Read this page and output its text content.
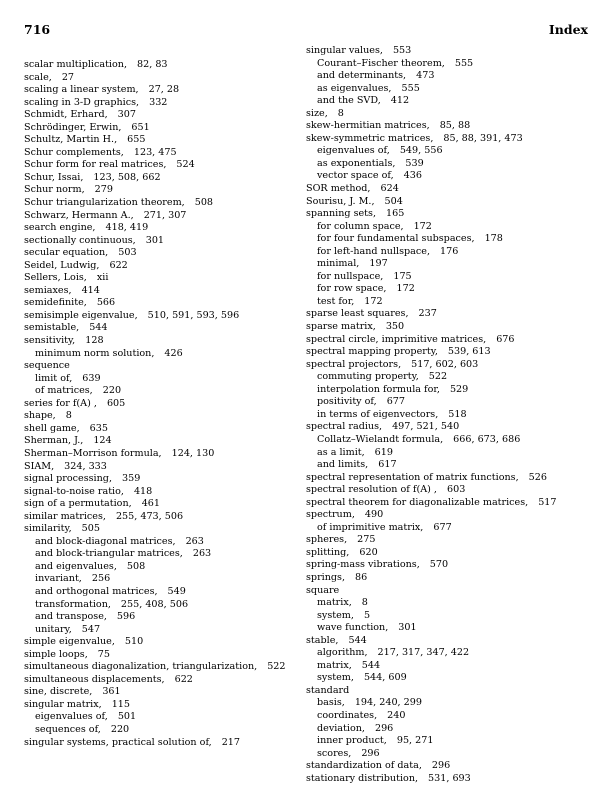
716	Index
scalar multiplication, 82, 83
scale, 27
scaling a linear system, 27, 28
scaling in 3-D graphics, 332
Schmidt, Erhard, 307
Schrödinger, Erwin, 651
Schultz, Martin H., 655
Schur complements, 123, 475
Schur form for real matrices, 524
Schur, Issai, 123, 508, 662
Schur norm, 279
Schur triangularization theorem, 508
Schwarz, Hermann A., 271, 307
search engine, 418, 419
sectionally continuous, 301
secular equation, 503
Seidel, Ludwig, 622
Sellers, Lois, xii
semiaxes, 414
semidefinite, 566
semisimple eigenvalue, 510, 591, 593, 596
semistable, 544
sensitivity, 128
minimum norm solution, 426
sequence
limit of, 639
of matrices, 220
series for f(A) , 605
shape, 8
shell game, 635
Sherman, J., 124
Sherman–Morrison formula, 124, 130
SIAM, 324, 333
signal processing, 359
signal-to-noise ratio, 418
sign of a permutation, 461
similar matrices, 255, 473, 506
similarity, 505
and block-diagonal matrices, 263
and block-triangular matrices, 263
and eigenvalues, 508
invariant, 256
and orthogonal matrices, 549
transformation, 255, 408, 506
and transpose, 596
unitary, 547
simple eigenvalue, 510
simple loops, 75
simultaneous diagonalization, triangularization, 522
simultaneous displacements, 622
sine, discrete, 361
singular matrix, 115
eigenvalues of, 501
sequences of, 220
singular systems, practical solution of, 217
singular values, 553
Courant–Fischer theorem, 555
and determinants, 473
as eigenvalues, 555
and the SVD, 412
size, 8
skew-hermitian matrices, 85, 88
skew-symmetric matrices, 85, 88, 391, 473
eigenvalues of, 549, 556
as exponentials, 539
vector space of, 436
SOR method, 624
Sourisu, J. M., 504
spanning sets, 165
for column space, 172
for four fundamental subspaces, 178
for left-hand nullspace, 176
minimal, 197
for nullspace, 175
for row space, 172
test for, 172
sparse least squares, 237
sparse matrix, 350
spectral circle, imprimitive matrices, 676
spectral mapping property, 539, 613
spectral projectors, 517, 602, 603
commuting property, 522
interpolation formula for, 529
positivity of, 677
in terms of eigenvectors, 518
spectral radius, 497, 521, 540
Collatz–Wielandt formula, 666, 673, 686
as a limit, 619
and limits, 617
spectral representation of matrix functions, 526
spectral resolution of f(A) , 603
spectral theorem for diagonalizable matrices, 517
spectrum, 490
of imprimitive matrix, 677
spheres, 275
splitting, 620
spring-mass vibrations, 570
springs, 86
square
matrix, 8
system, 5
wave function, 301
stable, 544
algorithm, 217, 317, 347, 422
matrix, 544
system, 544, 609
standard
basis, 194, 240, 299
coordinates, 240
deviation, 296
inner product, 95, 271
scores, 296
standardization of data, 296
stationary distribution, 531, 693
